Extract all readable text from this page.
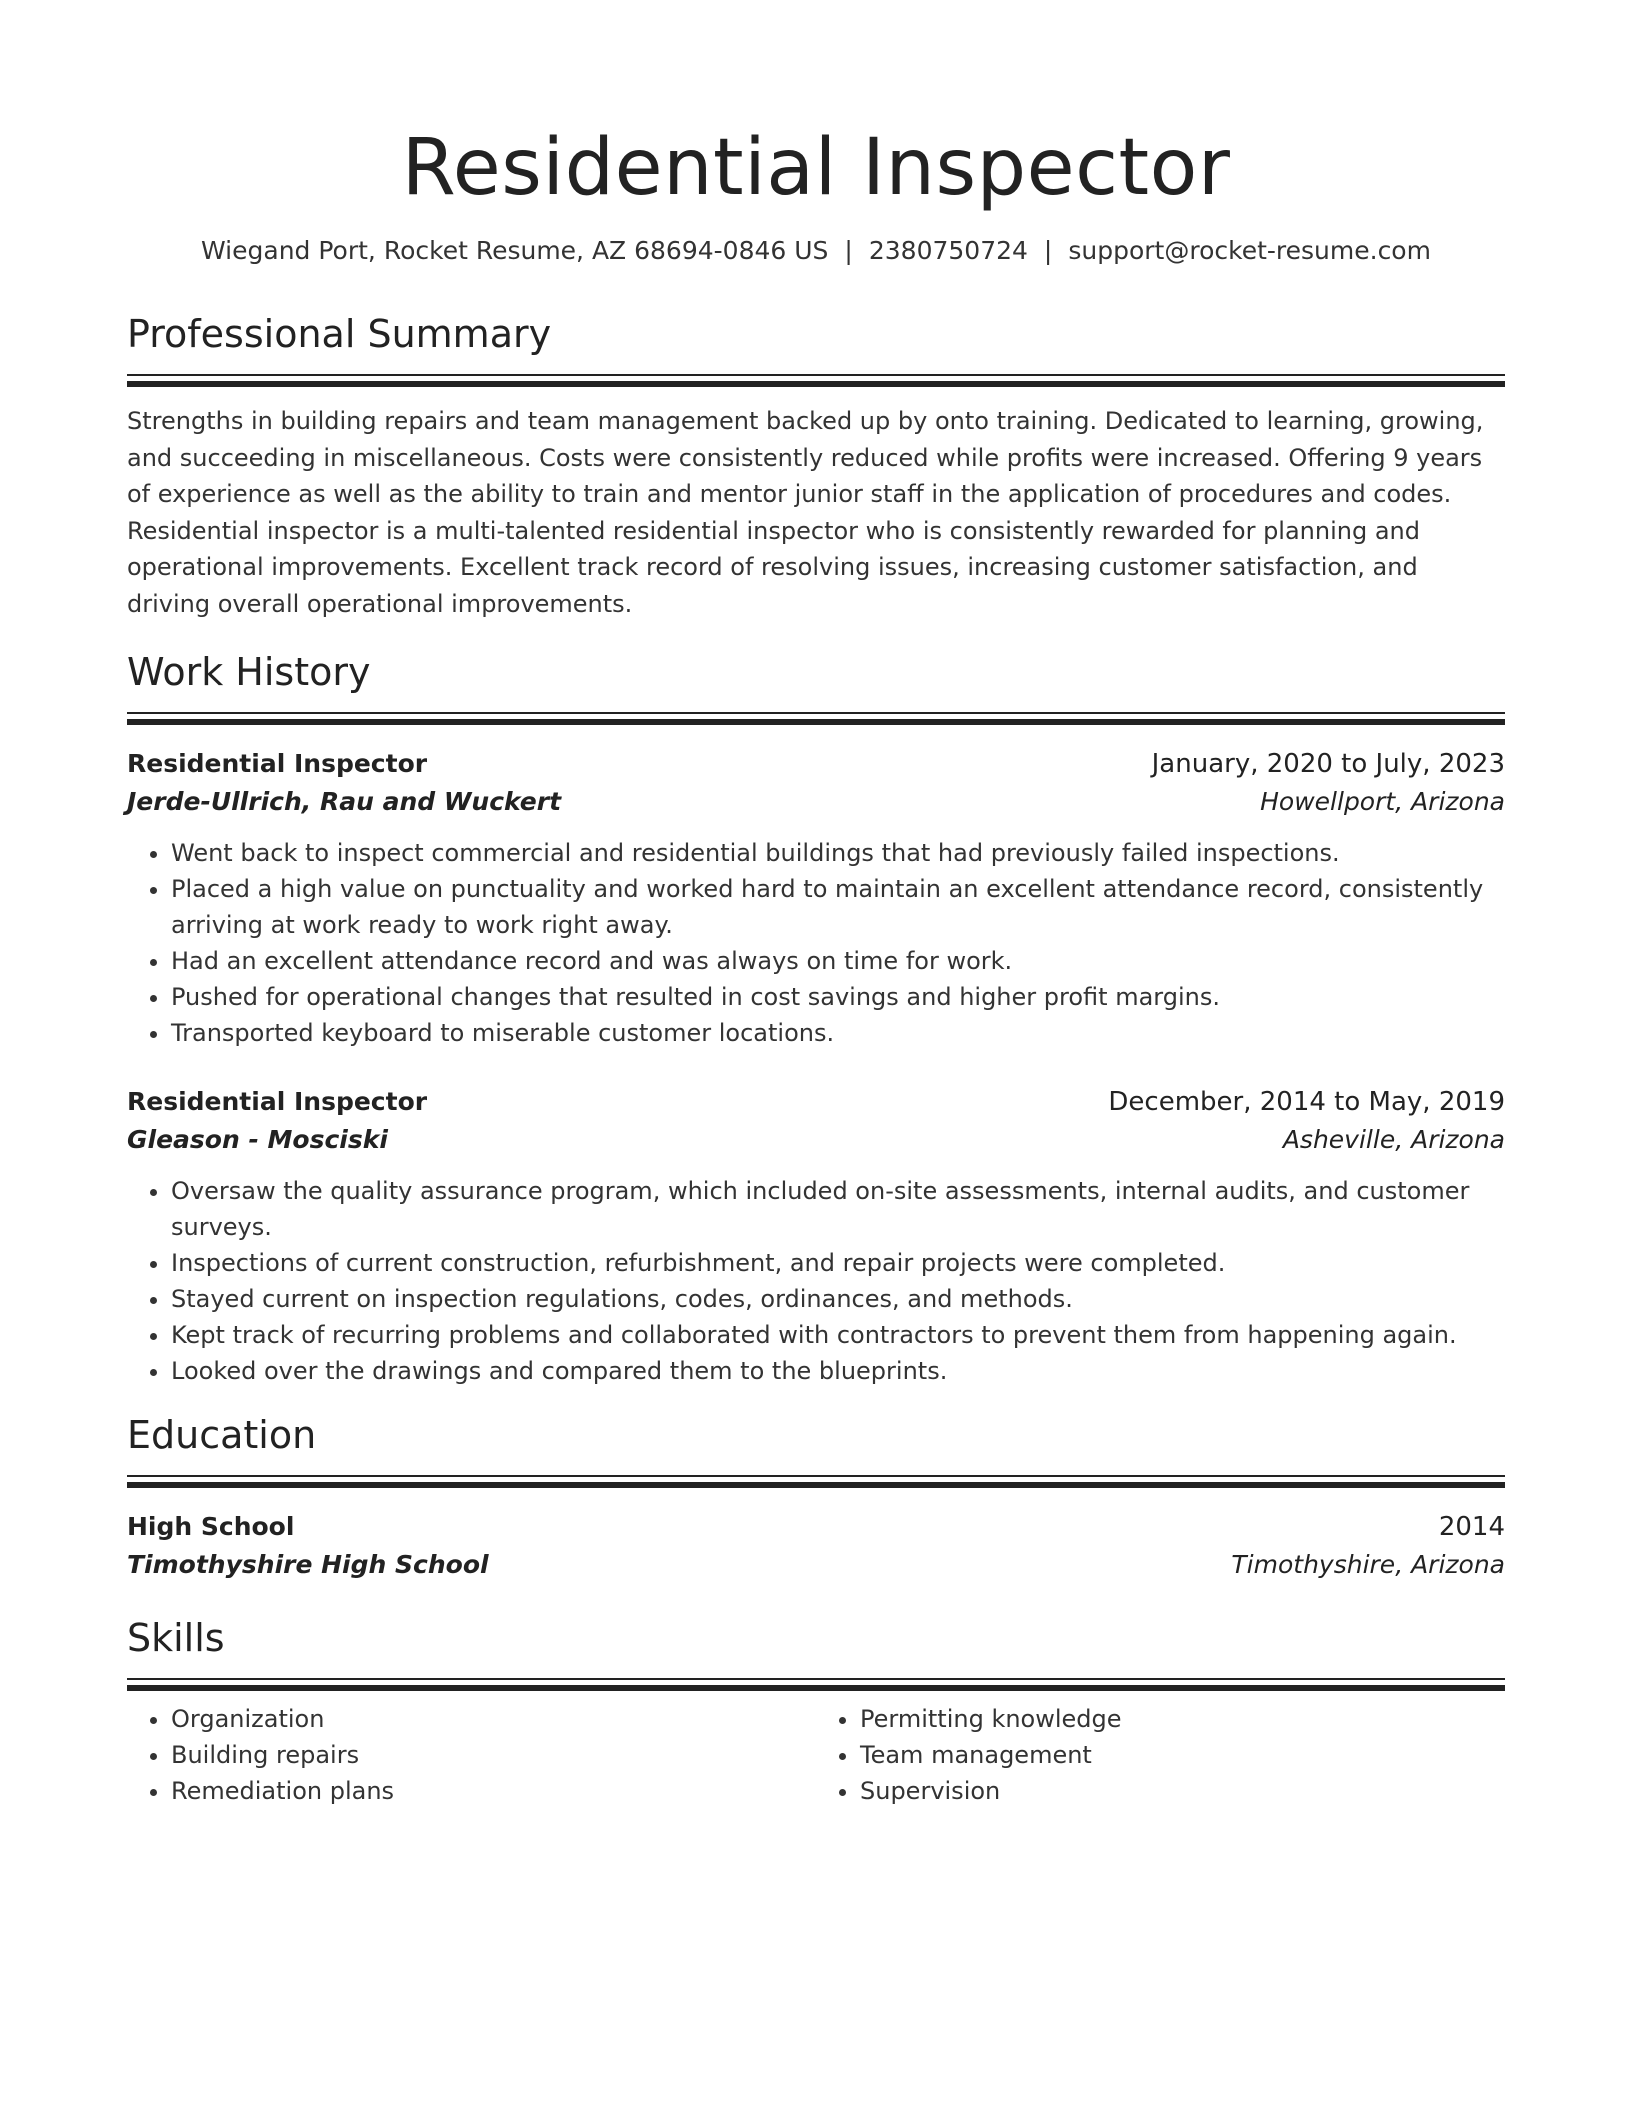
Residential Inspector
Wiegand Port, Rocket Resume, AZ 68694-0846 US | 2380750724 | support@rocket-resume.com
Professional Summary

Strengths in building repairs and team management backed up by onto training. Dedicated to learning, growing, and succeeding in miscellaneous. Costs were consistently reduced while profits were increased. Offering 9 years of experience as well as the ability to train and mentor junior staff in the application of procedures and codes. Residential inspector is a multi-talented residential inspector who is consistently rewarded for planning and operational improvements. Excellent track record of resolving issues, increasing customer satisfaction, and driving overall operational improvements.

Work History
Residential Inspector	January, 2020 to July, 2023
Jerde-Ullrich, Rau and Wuckert	Howellport, Arizona
• Went back to inspect commercial and residential buildings that had previously failed inspections.
• Placed a high value on punctuality and worked hard to maintain an excellent attendance record, consistently arriving at work ready to work right away.
• Had an excellent attendance record and was always on time for work.
• Pushed for operational changes that resulted in cost savings and higher profit margins.
• Transported keyboard to miserable customer locations.
Residential Inspector	December, 2014 to May, 2019
Gleason - Mosciski	Asheville, Arizona
• Oversaw the quality assurance program, which included on-site assessments, internal audits, and customer surveys.
• Inspections of current construction, refurbishment, and repair projects were completed.
• Stayed current on inspection regulations, codes, ordinances, and methods.
• Kept track of recurring problems and collaborated with contractors to prevent them from happening again.
• Looked over the drawings and compared them to the blueprints.
Education
High School	2014
Timothyshire High School	Timothyshire, Arizona
Skills
• Organization
• Building repairs
• Remediation plans
• Permitting knowledge
• Team management
• Supervision
